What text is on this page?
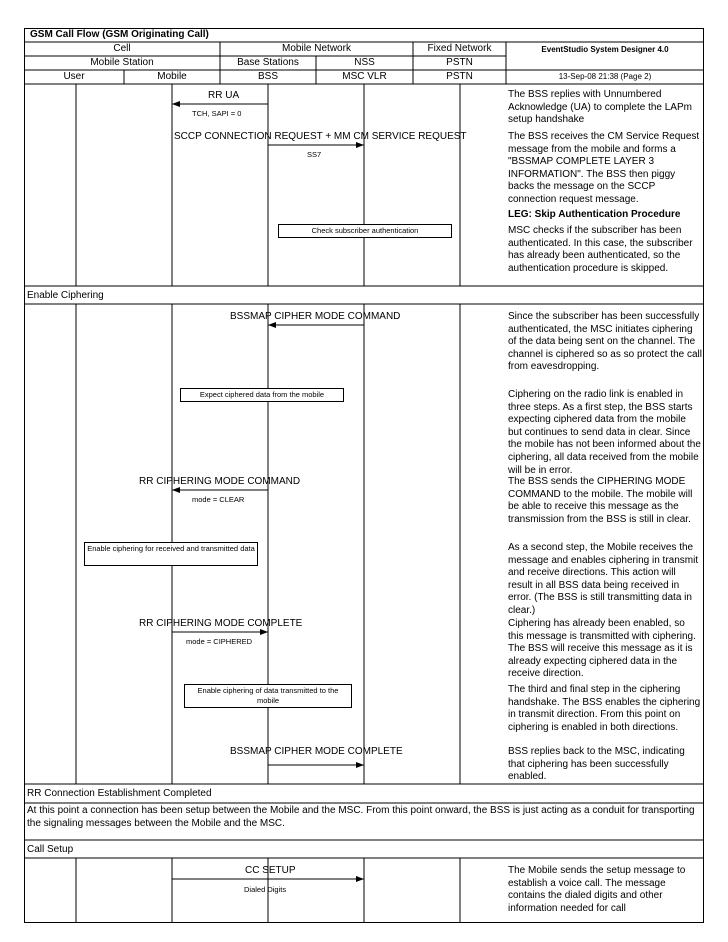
GSM Call Flow (GSM Originating Call)
Cell	Mobile Network	Fixed Network
Mobile Station	Base Stations	NSS	PSTN
User	Mobile	BSS	MSC VLR	PSTN
EventStudio System Designer 4.0
13-Sep-08 21:38 (Page 2)
RR UA
TCH, SAPI = 0
SCCP CONNECTION REQUEST + MM CM SERVICE REQUEST
SS7
BSSMAP CIPHER MODE COMMAND
RR CIPHERING MODE COMMAND
mode = CLEAR
RR CIPHERING MODE COMPLETE
mode = CIPHERED
BSSMAP CIPHER MODE COMPLETE
CC SETUP
Dialed Digits
Check subscriber authentication
Expect ciphered data from the mobile
Enable ciphering for received and transmitted data
Enable ciphering of data transmitted to the mobile
Enable Ciphering
RR Connection Establishment Completed
Call Setup
At this point a connection has been setup between the Mobile and the MSC. From this point onward, the BSS is just acting as a conduit for transporting the signaling messages between the Mobile and the MSC.
The BSS replies with Unnumbered Acknowledge (UA) to complete the LAPm setup handshake
The BSS receives the CM Service Request message from the mobile and forms a "BSSMAP COMPLETE LAYER 3 INFORMATION". The BSS then piggy backs the message on the SCCP connection request message.
LEG: Skip Authentication Procedure
MSC checks if the subscriber has been authenticated. In this case, the subscriber has already been authenticated, so the authentication procedure is skipped.
Since the subscriber has been successfully authenticated, the MSC initiates ciphering of the data being sent on the channel. The channel is ciphered so as so protect the call from eavesdropping.
Ciphering on the radio link is enabled in three steps. As a first step, the BSS starts expecting ciphered data from the mobile but continues to send data in clear. Since the mobile has not been informed about the ciphering, all data received from the mobile will be in error.
The BSS sends the CIPHERING MODE COMMAND to the mobile. The mobile will be able to receive this message as the transmission from the BSS is still in clear.
As a second step, the Mobile receives the message and enables ciphering in transmit and receive directions. This action will result in all BSS data being received in error. (The BSS is still transmitting data in clear.)
Ciphering has already been enabled, so this message is transmitted with ciphering. The BSS will receive this message as it is already expecting ciphered data in the receive direction.
The third and final step in the ciphering handshake. The BSS enables the ciphering in transmit direction. From this point on ciphering is enabled in both directions.
BSS replies back to the MSC, indicating that ciphering has been successfully enabled.
The Mobile sends the setup message to establish a voice call. The message contains the dialed digits and other information needed for call
